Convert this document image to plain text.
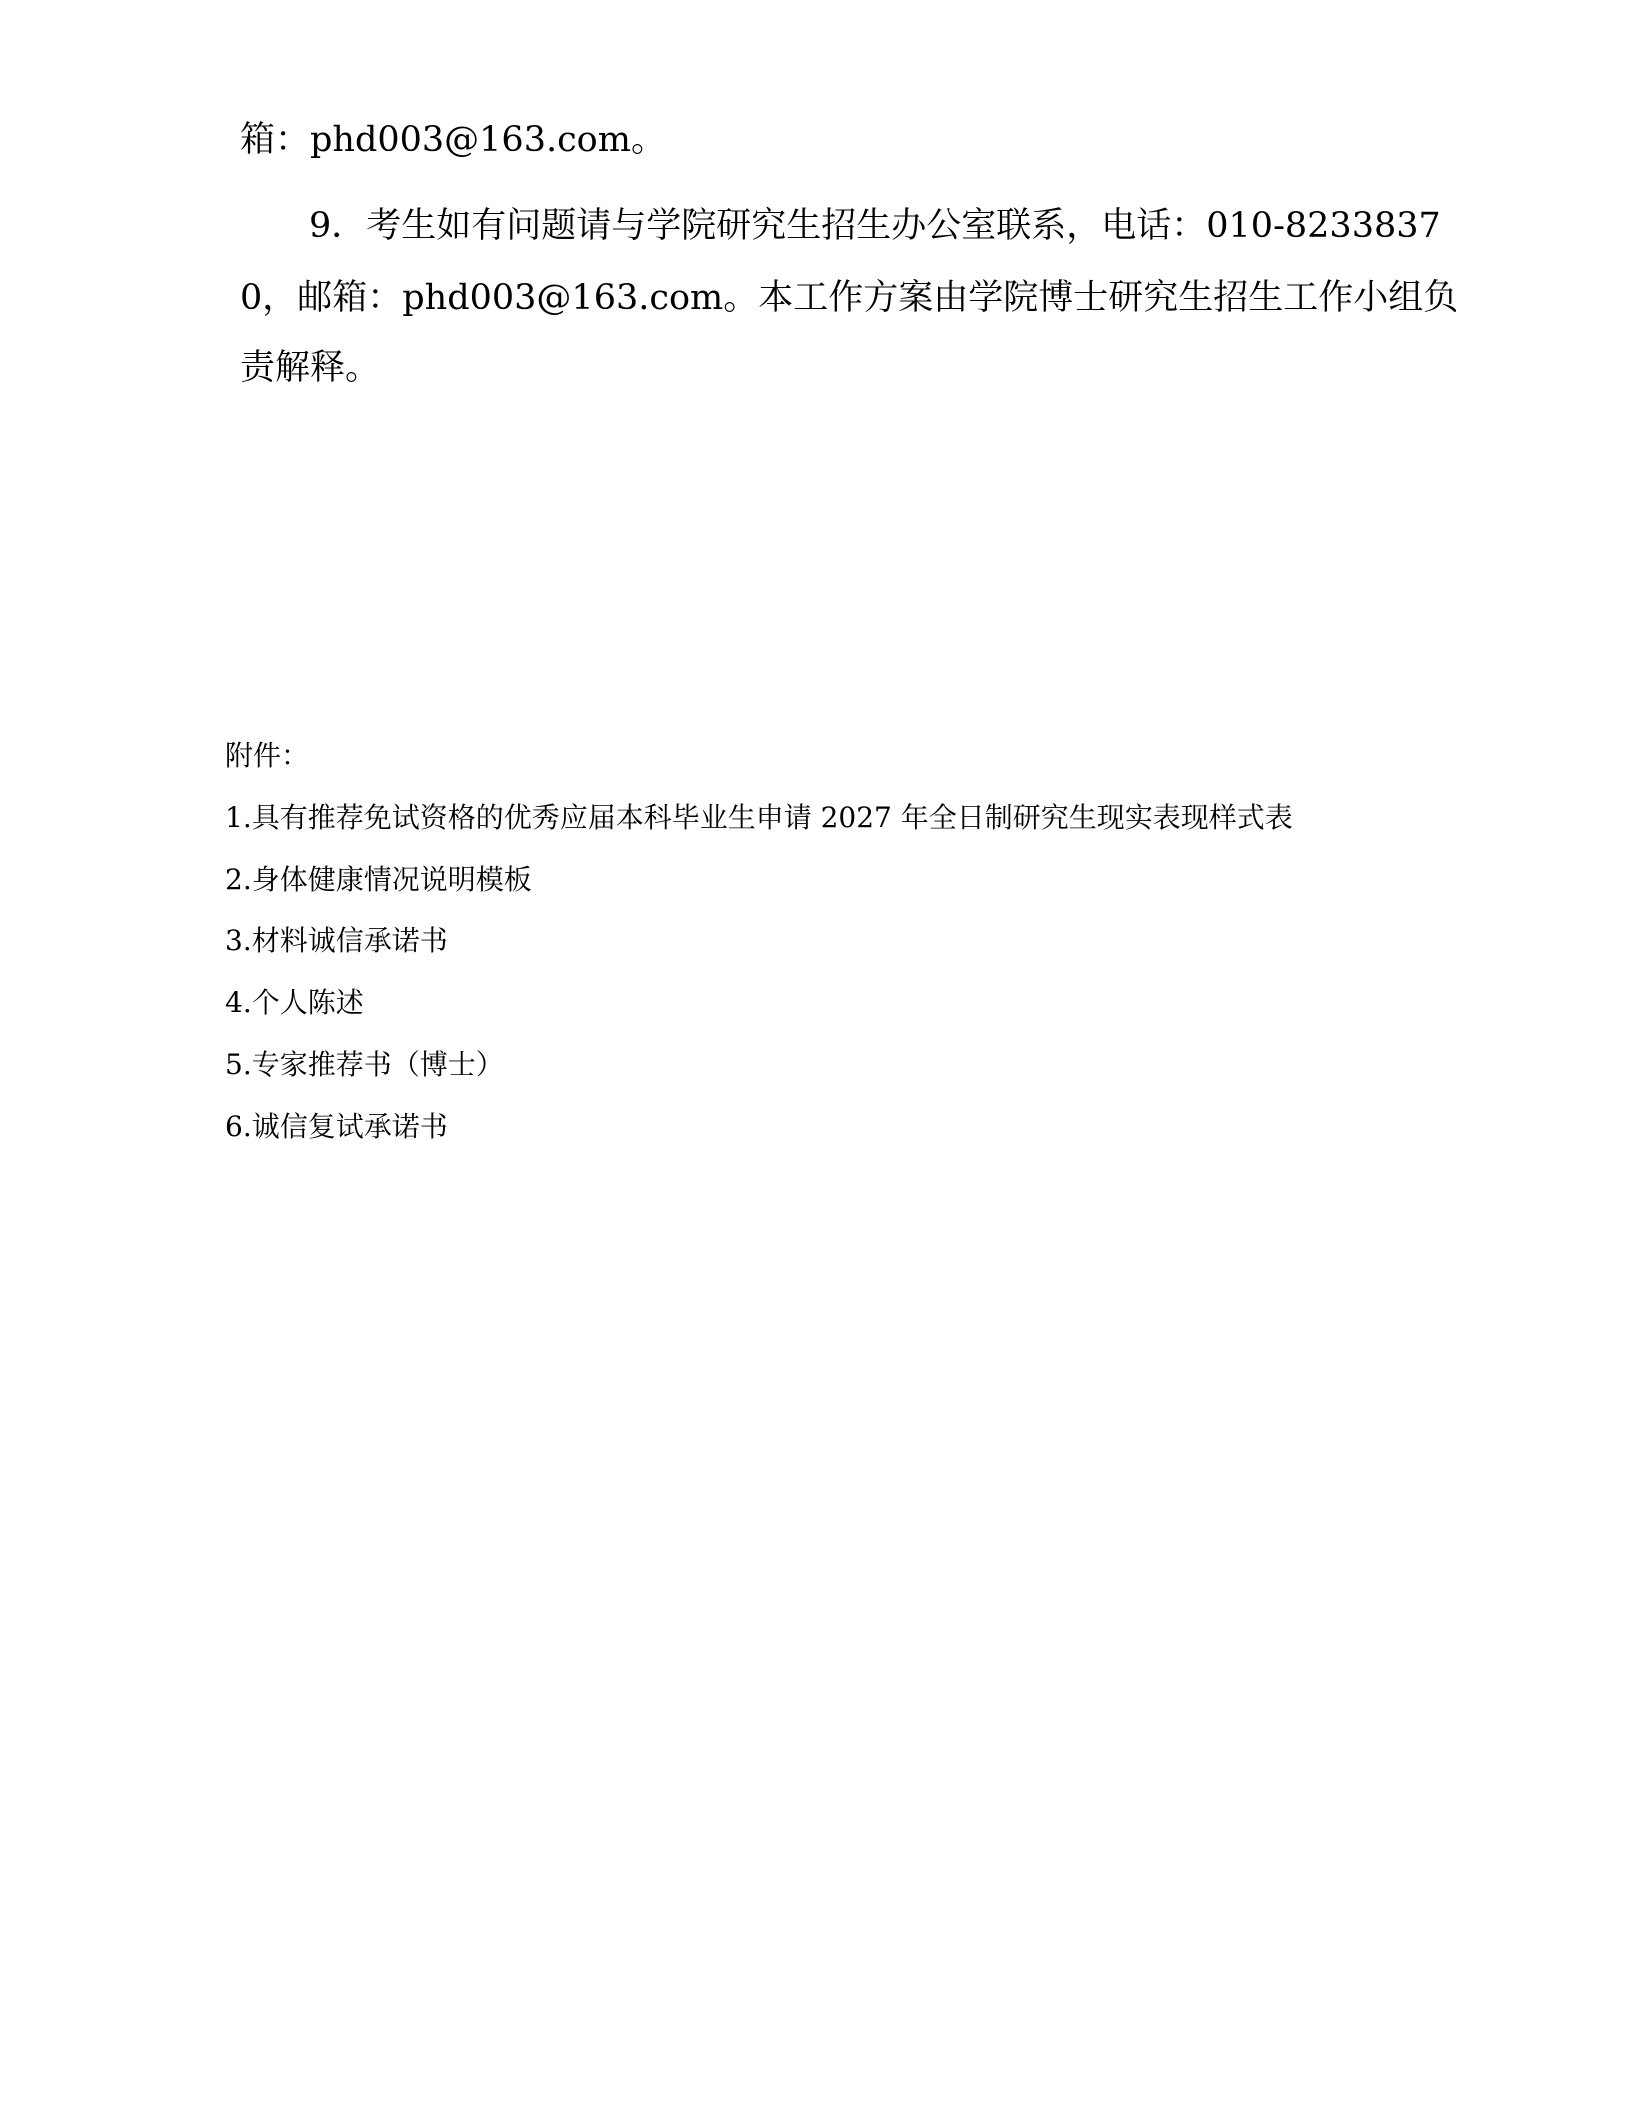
箱：phd003@163.com。

9．考生如有问题请与学院研究生招生办公室联系，电话：010-8233837

0，邮箱：phd003@163.com。本工作方案由学院博士研究生招生工作小组负

责解释。

附件：

1.具有推荐免试资格的优秀应届本科毕业生申请 2027 年全日制研究生现实表现样式表

2.身体健康情况说明模板

3.材料诚信承诺书

4.个人陈述

5.专家推荐书（博士）

6.诚信复试承诺书
